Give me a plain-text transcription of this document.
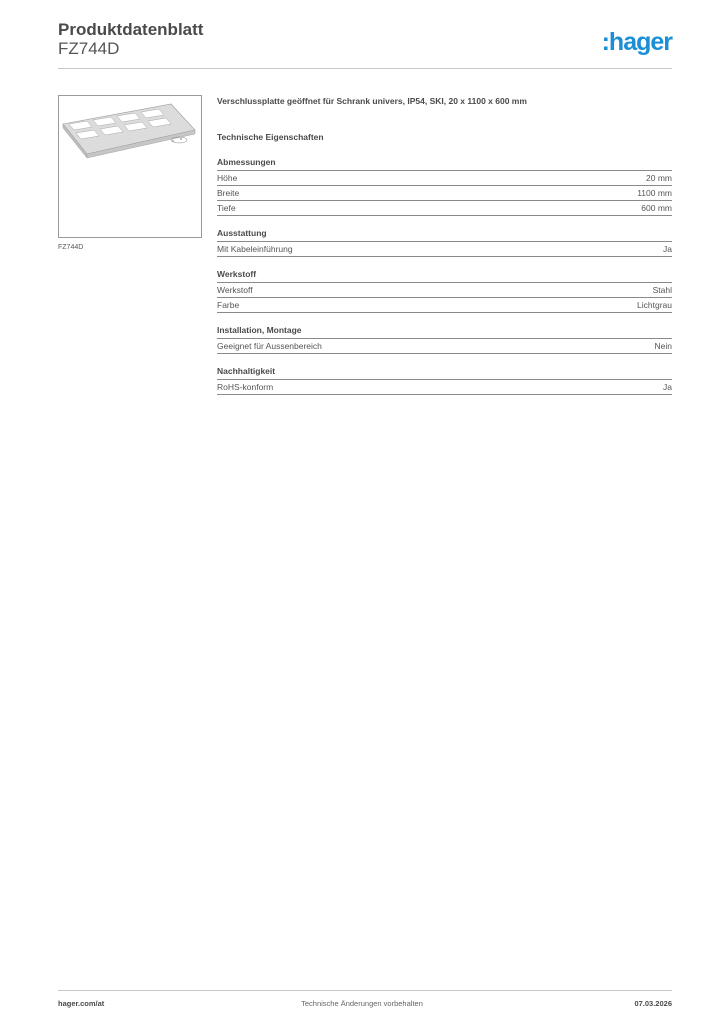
Produktdatenblatt
FZ744D	:hager
FZ744D
Verschlussplatte geöffnet für Schrank univers, IP54, SKI, 20 x 1100 x 600 mm
Technische Eigenschaften
Abmessungen
Höhe	20 mm
Breite	1100 mm
Tiefe	600 mm
Ausstattung
Mit Kabeleinführung	Ja
Werkstoff
Werkstoff	Stahl
Farbe	Lichtgrau
Installation, Montage
Geeignet für Aussenbereich	Nein
Nachhaltigkeit
RoHS-konform	Ja
hager.com/at	Technische Änderungen vorbehalten	07.03.2026
